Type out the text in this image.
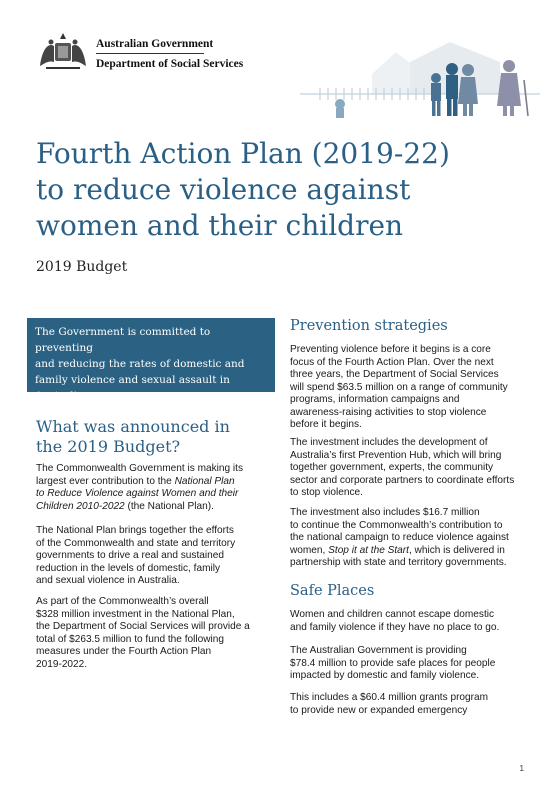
Australian Government
Department of Social Services
Fourth Action Plan (2019-22)
to reduce violence against
women and their children
2019 Budget

The Government is committed to preventing
and reducing the rates of domestic and
family violence and sexual assault in
Australia.

What was announced in
the 2019 Budget?

The Commonwealth Government is making its
largest ever contribution to the National Plan
to Reduce Violence against Women and their
Children 2010-2022 (the National Plan).

The National Plan brings together the efforts
of the Commonwealth and state and territory
governments to drive a real and sustained
reduction in the levels of domestic, family
and sexual violence in Australia.

As part of the Commonwealth’s overall
$328 million investment in the National Plan,
the Department of Social Services will provide a
total of $263.5 million to fund the following
measures under the Fourth Action Plan
2019-2022.

Prevention strategies

Preventing violence before it begins is a core
focus of the Fourth Action Plan. Over the next
three years, the Department of Social Services
will spend $63.5 million on a range of community
programs, information campaigns and
awareness-raising activities to stop violence
before it begins.

The investment includes the development of
Australia’s first Prevention Hub, which will bring
together government, experts, the community
sector and corporate partners to coordinate efforts
to stop violence.

The investment also includes $16.7 million
to continue the Commonwealth’s contribution to
the national campaign to reduce violence against
women, Stop it at the Start, which is delivered in
partnership with state and territory governments.

Safe Places

Women and children cannot escape domestic
and family violence if they have no place to go.

The Australian Government is providing
$78.4 million to provide safe places for people
impacted by domestic and family violence.

This includes a $60.4 million grants program
to provide new or expanded emergency

1
